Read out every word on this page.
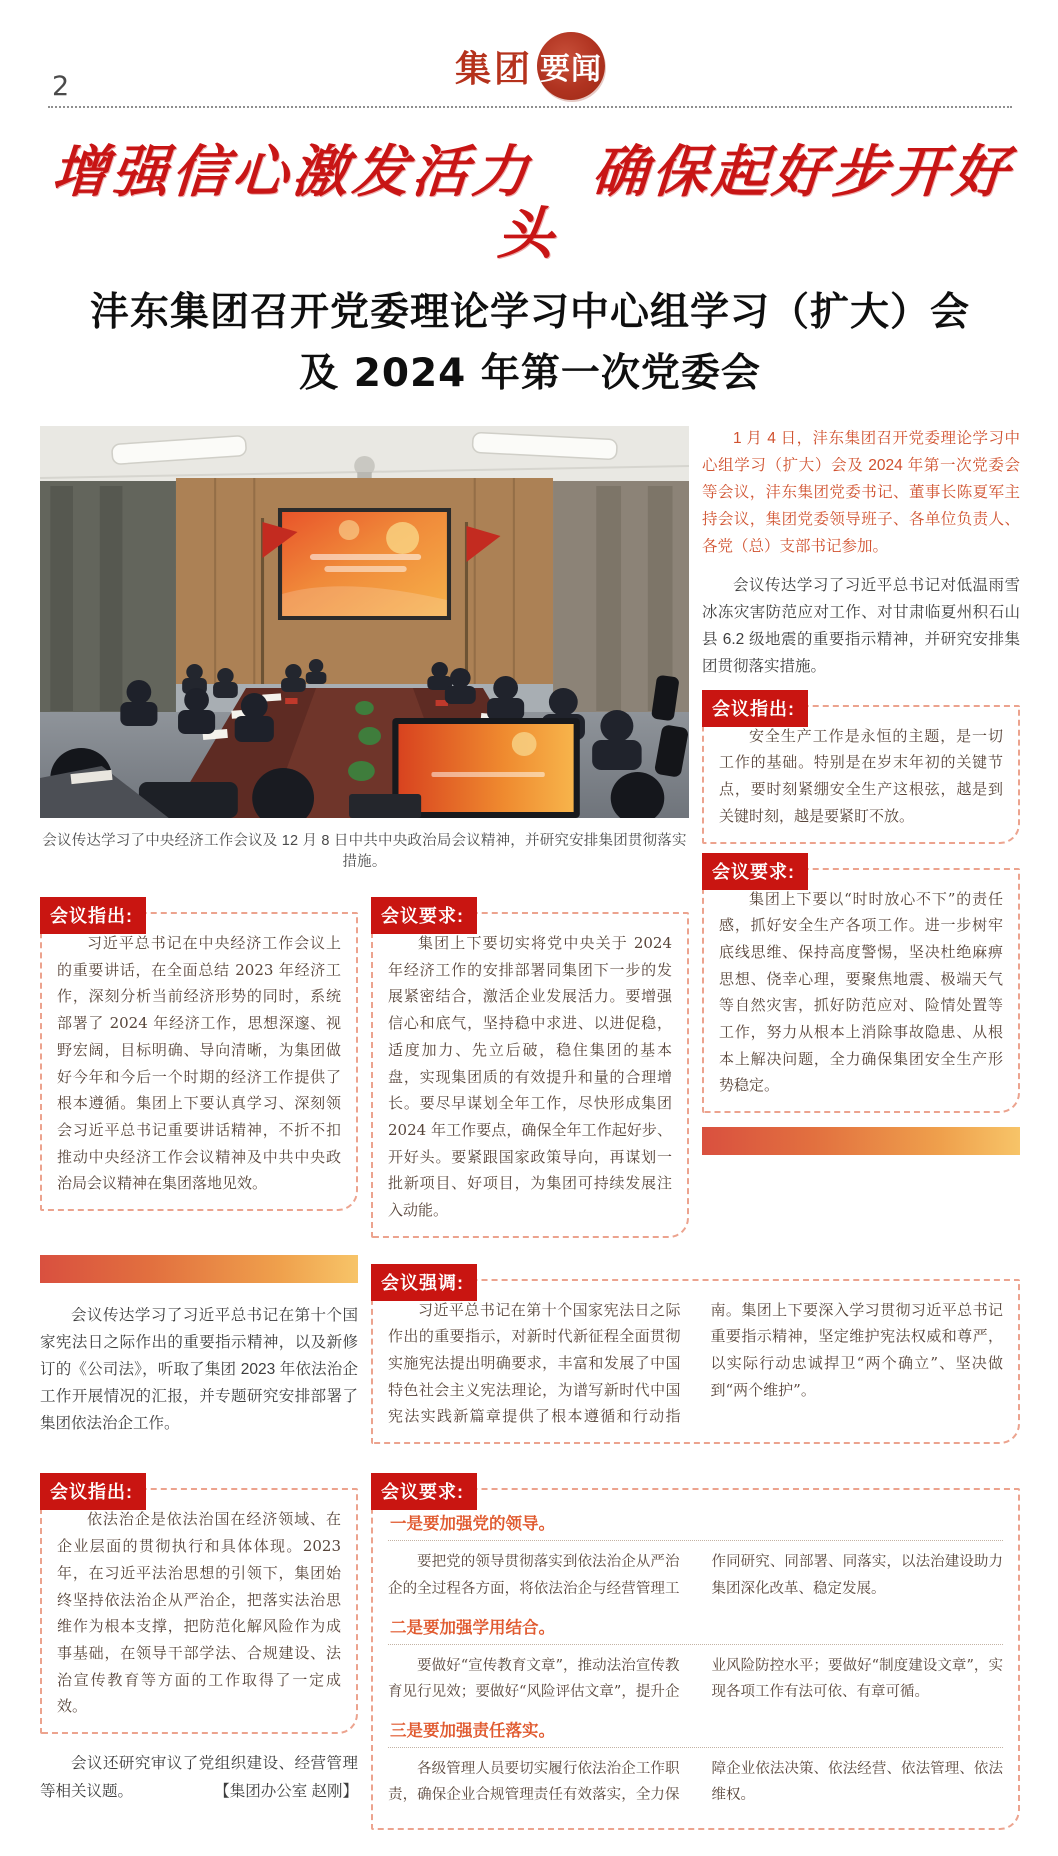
2	集团 要闻
增强信心激发活力　确保起好步开好头
沣东集团召开党委理论学习中心组学习（扩大）会
及 2024 年第一次党委会
会议传达学习了中央经济工作会议及 12 月 8 日中共中央政治局会议精神，并研究安排集团贯彻落实措施。

1 月 4 日，沣东集团召开党委理论学习中心组学习（扩大）会及 2024 年第一次党委会等会议，沣东集团党委书记、董事长陈夏军主持会议，集团党委领导班子、各单位负责人、各党（总）支部书记参加。

会议传达学习了习近平总书记对低温雨雪冰冻灾害防范应对工作、对甘肃临夏州积石山县 6.2 级地震的重要指示精神，并研究安排集团贯彻落实措施。

会议指出:

安全生产工作是永恒的主题，是一切工作的基础。特别是在岁末年初的关键节点，要时刻紧绷安全生产这根弦，越是到关键时刻，越是要紧盯不放。

会议要求:

集团上下要以“时时放心不下”的责任感，抓好安全生产各项工作。进一步树牢底线思维、保持高度警惕，坚决杜绝麻痹思想、侥幸心理，要聚焦地震、极端天气等自然灾害，抓好防范应对、险情处置等工作，努力从根本上消除事故隐患、从根本上解决问题，全力确保集团安全生产形势稳定。

会议指出:

习近平总书记在中央经济工作会议上的重要讲话，在全面总结 2023 年经济工作，深刻分析当前经济形势的同时，系统部署了 2024 年经济工作，思想深邃、视野宏阔，目标明确、导向清晰，为集团做好今年和今后一个时期的经济工作提供了根本遵循。集团上下要认真学习、深刻领会习近平总书记重要讲话精神，不折不扣推动中央经济工作会议精神及中共中央政治局会议精神在集团落地见效。

会议要求:

集团上下要切实将党中央关于 2024 年经济工作的安排部署同集团下一步的发展紧密结合，激活企业发展活力。要增强信心和底气，坚持稳中求进、以进促稳，适度加力、先立后破，稳住集团的基本盘，实现集团质的有效提升和量的合理增长。要尽早谋划全年工作，尽快形成集团 2024 年工作要点，确保全年工作起好步、开好头。要紧跟国家政策导向，再谋划一批新项目、好项目，为集团可持续发展注入动能。

会议传达学习了习近平总书记在第十个国家宪法日之际作出的重要指示精神，以及新修订的《公司法》，听取了集团 2023 年依法治企工作开展情况的汇报，并专题研究安排部署了集团依法治企工作。

会议强调:

习近平总书记在第十个国家宪法日之际作出的重要指示，对新时代新征程全面贯彻实施宪法提出明确要求，丰富和发展了中国特色社会主义宪法理论，为谱写新时代中国宪法实践新篇章提供了根本遵循和行动指南。集团上下要深入学习贯彻习近平总书记重要指示精神，坚定维护宪法权威和尊严，以实际行动忠诚捍卫“两个确立”、坚决做到“两个维护”。

会议指出:

依法治企是依法治国在经济领域、在企业层面的贯彻执行和具体体现。2023 年，在习近平法治思想的引领下，集团始终坚持依法治企从严治企，把落实法治思维作为根本支撑，把防范化解风险作为成事基础，在领导干部学法、合规建设、法治宣传教育等方面的工作取得了一定成效。

会议还研究审议了党组织建设、经营管理等相关议题。	【集团办公室 赵刚】

会议要求:

一是要加强党的领导。

要把党的领导贯彻落实到依法治企从严治企的全过程各方面，将依法治企与经营管理工作同研究、同部署、同落实，以法治建设助力集团深化改革、稳定发展。

二是要加强学用结合。

要做好“宣传教育文章”，推动法治宣传教育见行见效；要做好“风险评估文章”，提升企业风险防控水平；要做好“制度建设文章”，实现各项工作有法可依、有章可循。

三是要加强责任落实。

各级管理人员要切实履行依法治企工作职责，确保企业合规管理责任有效落实，全力保障企业依法决策、依法经营、依法管理、依法维权。
